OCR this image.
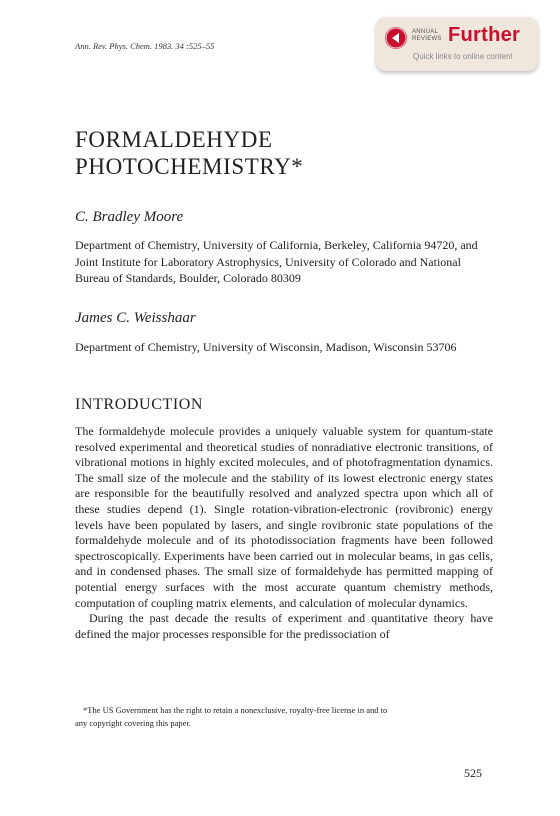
Ann. Rev. Phys. Chem. 1983. 34 :525–55
ANNUAL
REVIEWS Further
Quick links to online content
FORMALDEHYDE
PHOTOCHEMISTRY*
C. Bradley Moore
Department of Chemistry, University of California, Berkeley, California 94720, and Joint Institute for Laboratory Astrophysics, University of Colorado and National Bureau of Standards, Boulder, Colorado 80309
James C. Weisshaar
Department of Chemistry, University of Wisconsin, Madison, Wisconsin 53706
INTRODUCTION

The formaldehyde molecule provides a uniquely valuable system for quantum-state resolved experimental and theoretical studies of nonradiative electronic transitions, of vibrational motions in highly excited molecules, and of photofragmentation dynamics. The small size of the molecule and the stability of its lowest electronic energy states are responsible for the beautifully resolved and analyzed spectra upon which all of these studies depend (1). Single rotation-vibration-electronic (rovibronic) energy levels have been populated by lasers, and single rovibronic state populations of the formaldehyde molecule and of its photodissociation fragments have been followed spectroscopically. Experiments have been carried out in molecular beams, in gas cells, and in condensed phases. The small size of formaldehyde has permitted mapping of potential energy surfaces with the most accurate quantum chemistry methods, computation of coupling matrix elements, and calculation of molecular dynamics.

During the past decade the results of experiment and quantitative theory have defined the major processes responsible for the predissociation of

*The US Government has the right to retain a nonexclusive, royalty-free license in and to
any copyright covering this paper.
525
